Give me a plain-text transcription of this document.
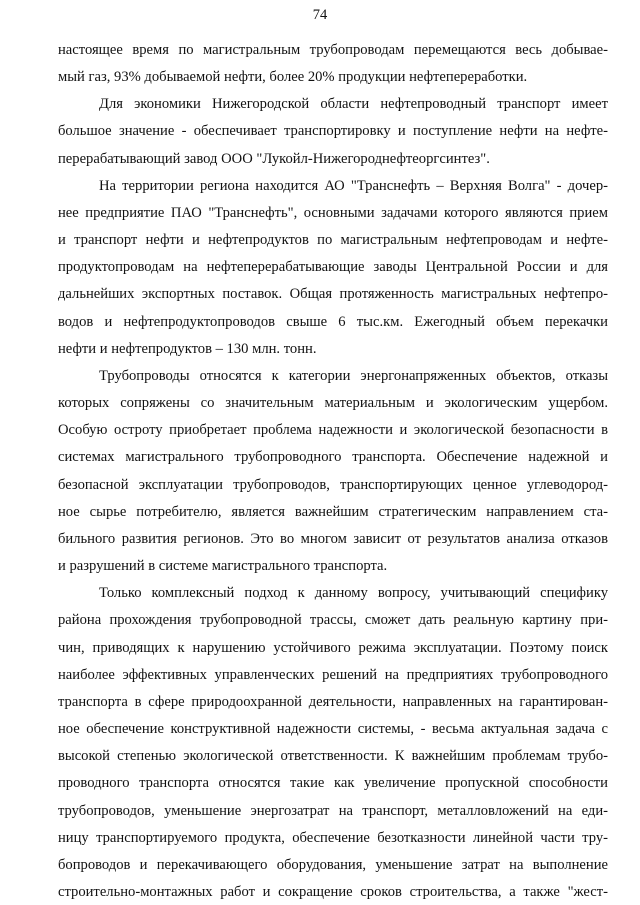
74
настоящее время по магистральным трубопроводам перемещаются весь добывае-
мый газ, 93% добываемой нефти, более 20% продукции нефтепереработки.
Для экономики Нижегородской области нефтепроводный транспорт имеет
большое значение - обеспечивает транспортировку и поступление нефти на нефте-
перерабатывающий завод ООО "Лукойл-Нижегороднефтеоргсинтез".
На территории региона находится АО "Транснефть – Верхняя Волга" - дочер-
нее предприятие ПАО "Транснефть", основными задачами которого являются прием
и транспорт нефти и нефтепродуктов по магистральным нефтепроводам и нефте-
продуктопроводам на нефтеперерабатывающие заводы Центральной России и для
дальнейших экспортных поставок. Общая протяженность магистральных нефтепро-
водов и нефтепродуктопроводов свыше 6 тыс.км. Ежегодный объем перекачки
нефти и нефтепродуктов – 130 млн. тонн.
Трубопроводы относятся к категории энергонапряженных объектов, отказы
которых сопряжены со значительным материальным и экологическим ущербом.
Особую остроту приобретает проблема надежности и экологической безопасности в
системах магистрального трубопроводного транспорта. Обеспечение надежной и
безопасной эксплуатации трубопроводов, транспортирующих ценное углеводород-
ное сырье потребителю, является важнейшим стратегическим направлением ста-
бильного развития регионов. Это во многом зависит от результатов анализа отказов
и разрушений в системе магистрального транспорта.
Только комплексный подход к данному вопросу, учитывающий специфику
района прохождения трубопроводной трассы, сможет дать реальную картину при-
чин, приводящих к нарушению устойчивого режима эксплуатации. Поэтому поиск
наиболее эффективных управленческих решений на предприятиях трубопроводного
транспорта в сфере природоохранной деятельности, направленных на гарантирован-
ное обеспечение конструктивной надежности системы, - весьма актуальная задача с
высокой степенью экологической ответственности. К важнейшим проблемам трубо-
проводного транспорта относятся такие как увеличение пропускной способности
трубопроводов, уменьшение энергозатрат на транспорт, металловложений на еди-
ницу транспортируемого продукта, обеспечение безотказности линейной части тру-
бопроводов и перекачивающего оборудования, уменьшение затрат на выполнение
строительно-монтажных работ и сокращение сроков строительства, а также "жест-
